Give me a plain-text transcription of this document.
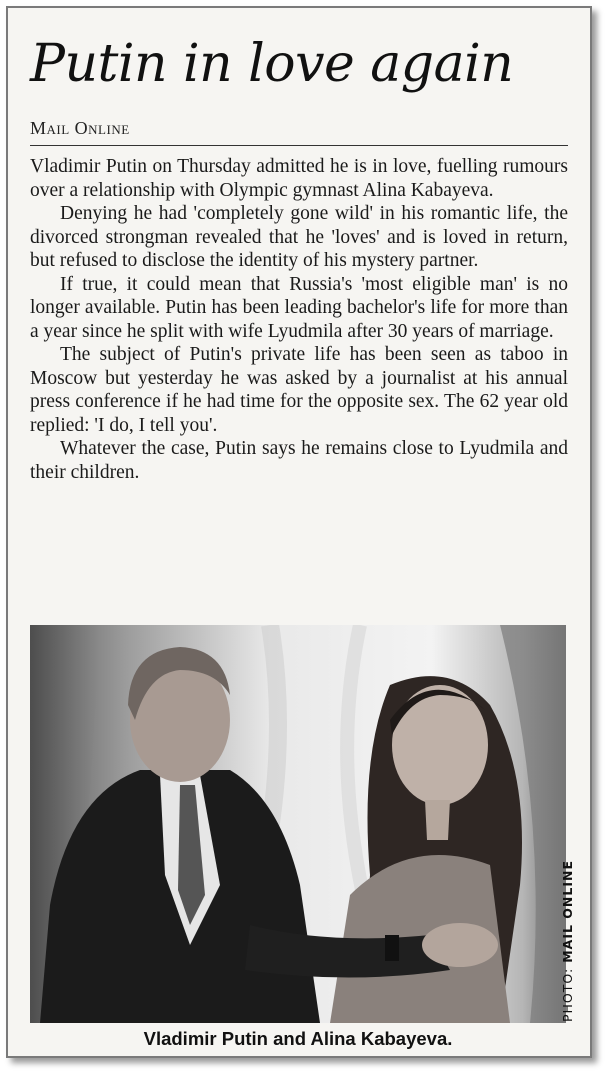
Putin in love again
Mail Online

Vladimir Putin on Thursday admitted he is in love, fuelling rumours over a relationship with Olympic gymnast Alina Kabayeva.

Denying he had 'completely gone wild' in his romantic life, the divorced strongman revealed that he 'loves' and is loved in return, but refused to disclose the identity of his mystery partner.

If true, it could mean that Russia's 'most eligible man' is no longer available. Putin has been leading bachelor's life for more than a year since he split with wife Lyudmila after 30 years of marriage.

The subject of Putin's private life has been seen as taboo in Moscow but yesterday he was asked by a journalist at his annual press conference if he had time for the opposite sex. The 62 year old replied: 'I do, I tell you'.

Whatever the case, Putin says he remains close to Lyudmila and their children.

PHOTO: MAIL ONLINE
Vladimir Putin and Alina Kabayeva.
